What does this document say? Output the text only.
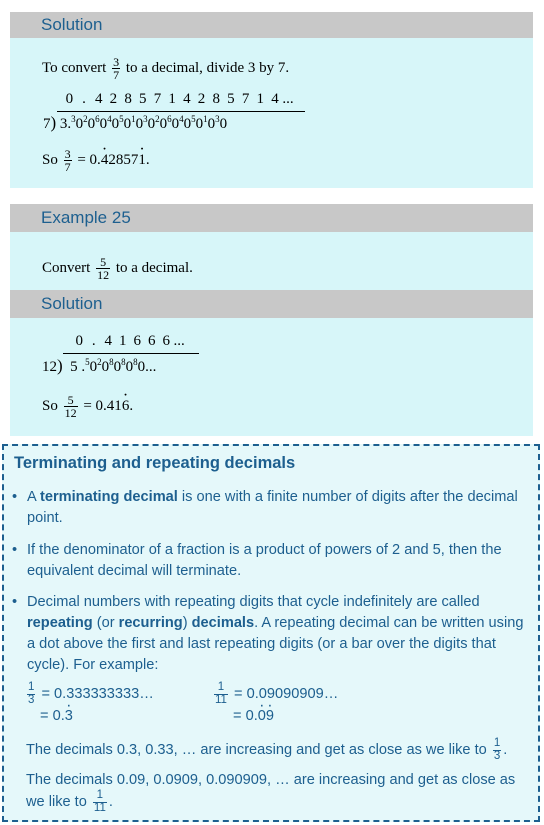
Solution
To convert $\frac{3}{7}$ to a decimal, divide 3 by 7.
0 . 4 2 8 5 7 1 4 2 8 5 7 1 4 ...
7) $3.^30^20^60^40^50^10^30^20^60^40^50^10^30$
So $\frac{3}{7} = 0.\cdot 42857\cdot 1$.
Example 25
Convert $\frac{5}{12}$ to a decimal.
Solution
0 . 4 1 6 6 6 ...
12) 5 $.^50^20^80^80^80$...
So $\frac{5}{12} = 0.41\cdot 6$.
Terminating and repeating decimals
• A terminating decimal is one with a finite number of digits after the decimal point.
• If the denominator of a fraction is a product of powers of 2 and 5, then the equivalent decimal will terminate.
• Decimal numbers with repeating digits that cycle indefinitely are called repeating (or recurring) decimals. A repeating decimal can be written using a dot above the first and last repeating digits (or a bar over the digits that cycle). For example:
$\frac{1}{3}$ = 0.333333333…
= 0.· 3
$\frac{1}{11}$ = 0.09090909…
= 0.· 0· 9
The decimals 0.3, 0.33, … are increasing and get as close as we like to $\frac{1}{3}$ .
The decimals 0.09, 0.0909, 0.090909, … are increasing and get as close as
we like to $\frac{1}{11}$ .
